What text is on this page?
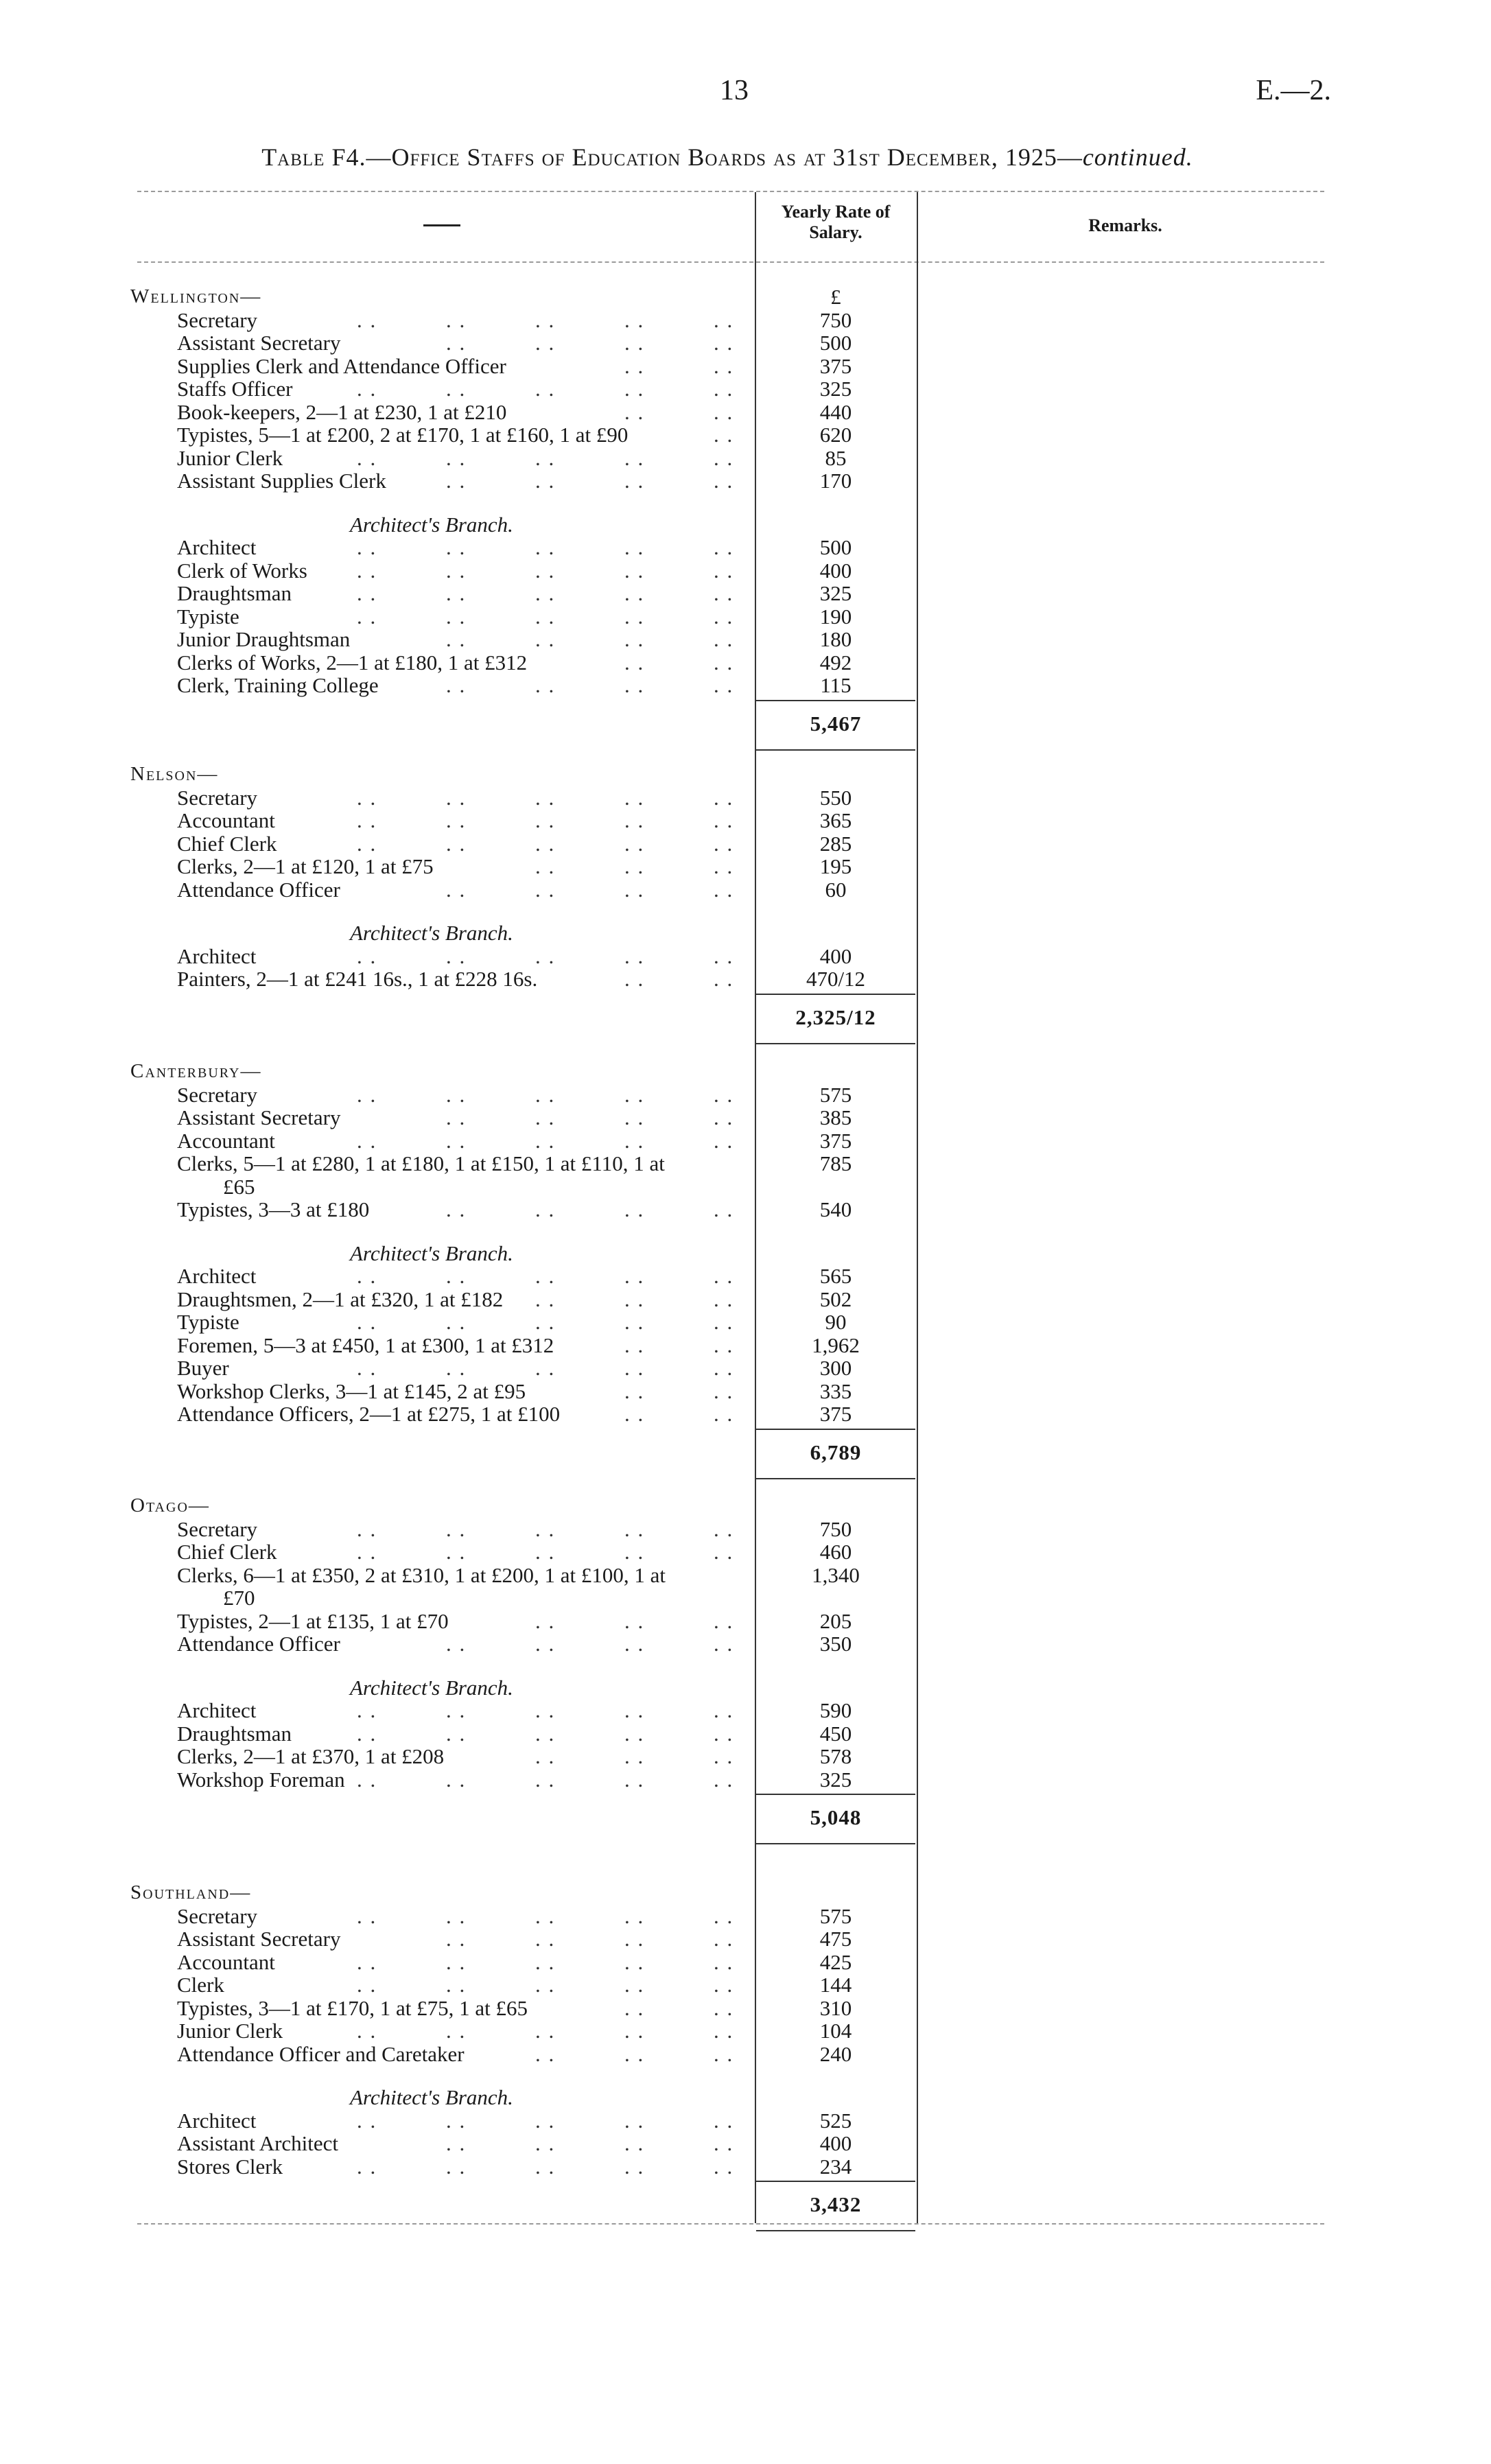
13	E.—2.
Table F4.—Office Staffs of Education Boards as at 31st December, 1925—continued.
Yearly Rate of Salary.	Remarks.
Wellington—	£
Secretary	. .	. .	. .	. .	. .	750
Assistant Secretary	. .	. .	. .	. .	500
Supplies Clerk and Attendance Officer	. .	. .	375
Staffs Officer	. .	. .	. .	. .	. .	325
Book-keepers, 2—1 at £230, 1 at £210	. .	. .	440
Typistes, 5—1 at £200, 2 at £170, 1 at £160, 1 at £90	. .	620
Junior Clerk	. .	. .	. .	. .	. .	85
Assistant Supplies Clerk	. .	. .	. .	. .	170
Architect's Branch.
Architect	. .	. .	. .	. .	. .	500
Clerk of Works . .	. .	. .	. .	. .	400
Draughtsman	. .	. .	. .	. .	. .	325
Typiste	. .	. .	. .	. .	. .	190
Junior Draughtsman	. .	. .	. .	. .	180
Clerks of Works, 2—1 at £180, 1 at £312	. .	. .	492
Clerk, Training College	. .	. .	. .	. .	115
5,467
Nelson—
Secretary	. .	. .	. .	. .	. .	550
Accountant	. .	. .	. .	. .	. .	365
Chief Clerk	. .	. .	. .	. .	. .	285
Clerks, 2—1 at £120, 1 at £75	. .	. .	. .	195
Attendance Officer	. .	. .	. .	. .	60
Architect's Branch.
Architect	. .	. .	. .	. .	. .	400
Painters, 2—1 at £241 16s., 1 at £228 16s.	. .	. .	470/12
2,325/12
Canterbury—
Secretary	. .	. .	. .	. .	. .	575
Assistant Secretary	. .	. .	. .	. .	385
Accountant	. .	. .	. .	. .	. .	375
Clerks, 5—1 at £280, 1 at £180, 1 at £150, 1 at £110, 1 at	785
£65
Typistes, 3—3 at £180	. .	. .	. .	. .	540
Architect's Branch.
Architect	. .	. .	. .	. .	. .	565
Draughtsmen, 2—1 at £320, 1 at £182 . .	. .	. .	502
Typiste	. .	. .	. .	. .	. .	90
Foremen, 5—3 at £450, 1 at £300, 1 at £312	. .	. .	1,962
Buyer	. .	. .	. .	. .	. .	300
Workshop Clerks, 3—1 at £145, 2 at £95	. .	. .	335
Attendance Officers, 2—1 at £275, 1 at £100	. .	. .	375
6,789
Otago—
Secretary	. .	. .	. .	. .	. .	750
Chief Clerk	. .	. .	. .	. .	. .	460
Clerks, 6—1 at £350, 2 at £310, 1 at £200, 1 at £100, 1 at	1,340
£70
Typistes, 2—1 at £135, 1 at £70	. .	. .	. .	205
Attendance Officer	. .	. .	. .	. .	350
Architect's Branch.
Architect	. .	. .	. .	. .	. .	590
Draughtsman	. .	. .	. .	. .	. .	450
Clerks, 2—1 at £370, 1 at £208	. .	. .	. .	578
Workshop Foreman . .	. .	. .	. .	. .	325
5,048
Southland—
Secretary	. .	. .	. .	. .	. .	575
Assistant Secretary	. .	. .	. .	. .	475
Accountant	. .	. .	. .	. .	. .	425
Clerk	. .	. .	. .	. .	. .	144
Typistes, 3—1 at £170, 1 at £75, 1 at £65	. .	. .	310
Junior Clerk	. .	. .	. .	. .	. .	104
Attendance Officer and Caretaker	. .	. .	. .	240
Architect's Branch.
Architect	. .	. .	. .	. .	. .	525
Assistant Architect	. .	. .	. .	. .	400
Stores Clerk	. .	. .	. .	. .	. .	234
3,432
